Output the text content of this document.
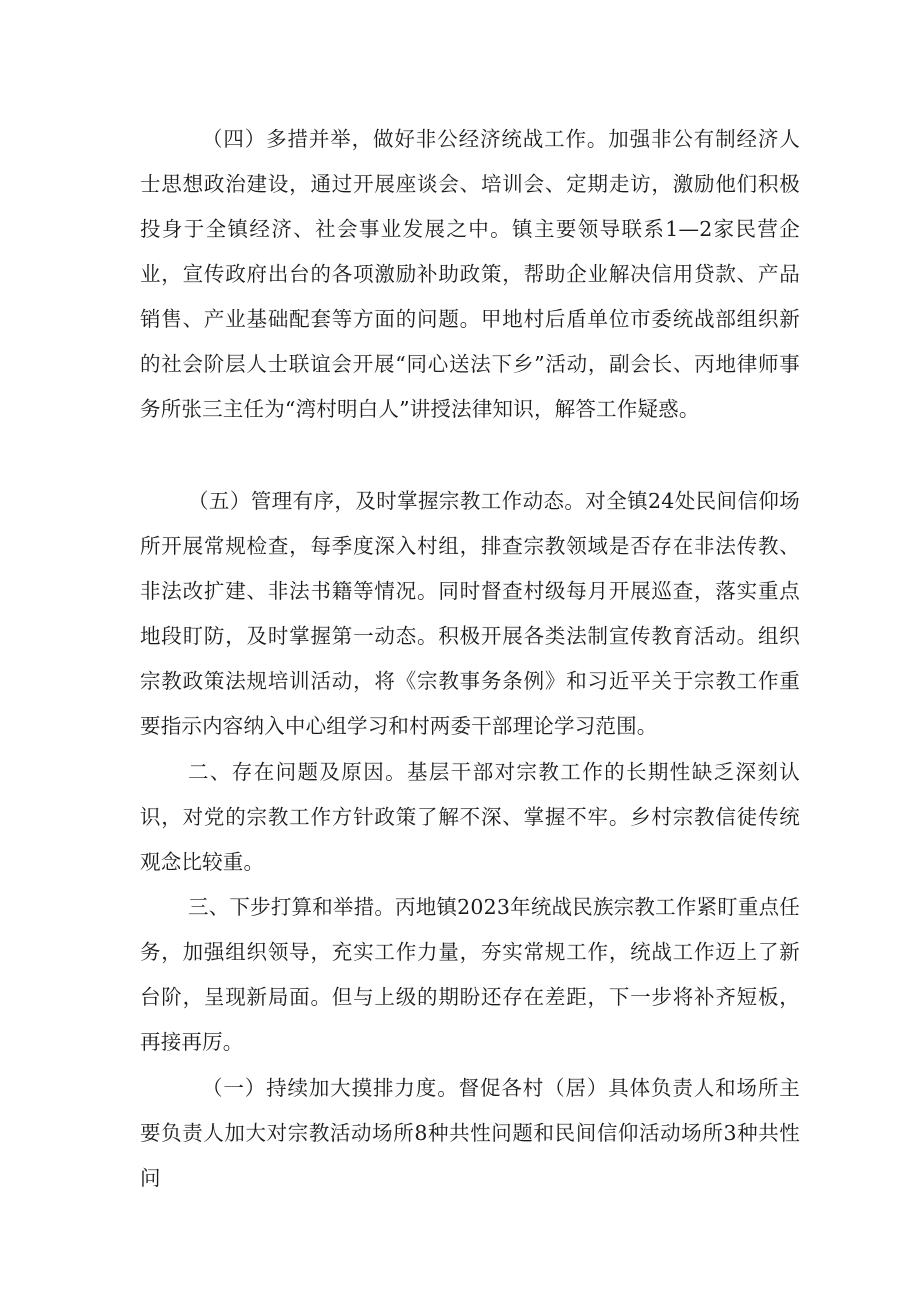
（四）多措并举，做好非公经济统战工作。加强非公有制经济人士思想政治建设，通过开展座谈会、培训会、定期走访，激励他们积极投身于全镇经济、社会事业发展之中。镇主要领导联系1—2家民营企业，宣传政府出台的各项激励补助政策，帮助企业解决信用贷款、产品销售、产业基础配套等方面的问题。甲地村后盾单位市委统战部组织新的社会阶层人士联谊会开展“同心送法下乡”活动，副会长、丙地律师事务所张三主任为“湾村明白人”讲授法律知识，解答工作疑惑。

（五）管理有序，及时掌握宗教工作动态。对全镇24处民间信仰场所开展常规检查，每季度深入村组，排查宗教领域是否存在非法传教、非法改扩建、非法书籍等情况。同时督查村级每月开展巡查，落实重点地段盯防，及时掌握第一动态。积极开展各类法制宣传教育活动。组织宗教政策法规培训活动，将《宗教事务条例》和习近平关于宗教工作重要指示内容纳入中心组学习和村两委干部理论学习范围。

二、存在问题及原因。基层干部对宗教工作的长期性缺乏深刻认识，对党的宗教工作方针政策了解不深、掌握不牢。乡村宗教信徒传统观念比较重。

三、下步打算和举措。丙地镇2023年统战民族宗教工作紧盯重点任务，加强组织领导，充实工作力量，夯实常规工作，统战工作迈上了新台阶，呈现新局面。但与上级的期盼还存在差距，下一步将补齐短板，再接再厉。

（一）持续加大摸排力度。督促各村（居）具体负责人和场所主要负责人加大对宗教活动场所8种共性问题和民间信仰活动场所3种共性问
